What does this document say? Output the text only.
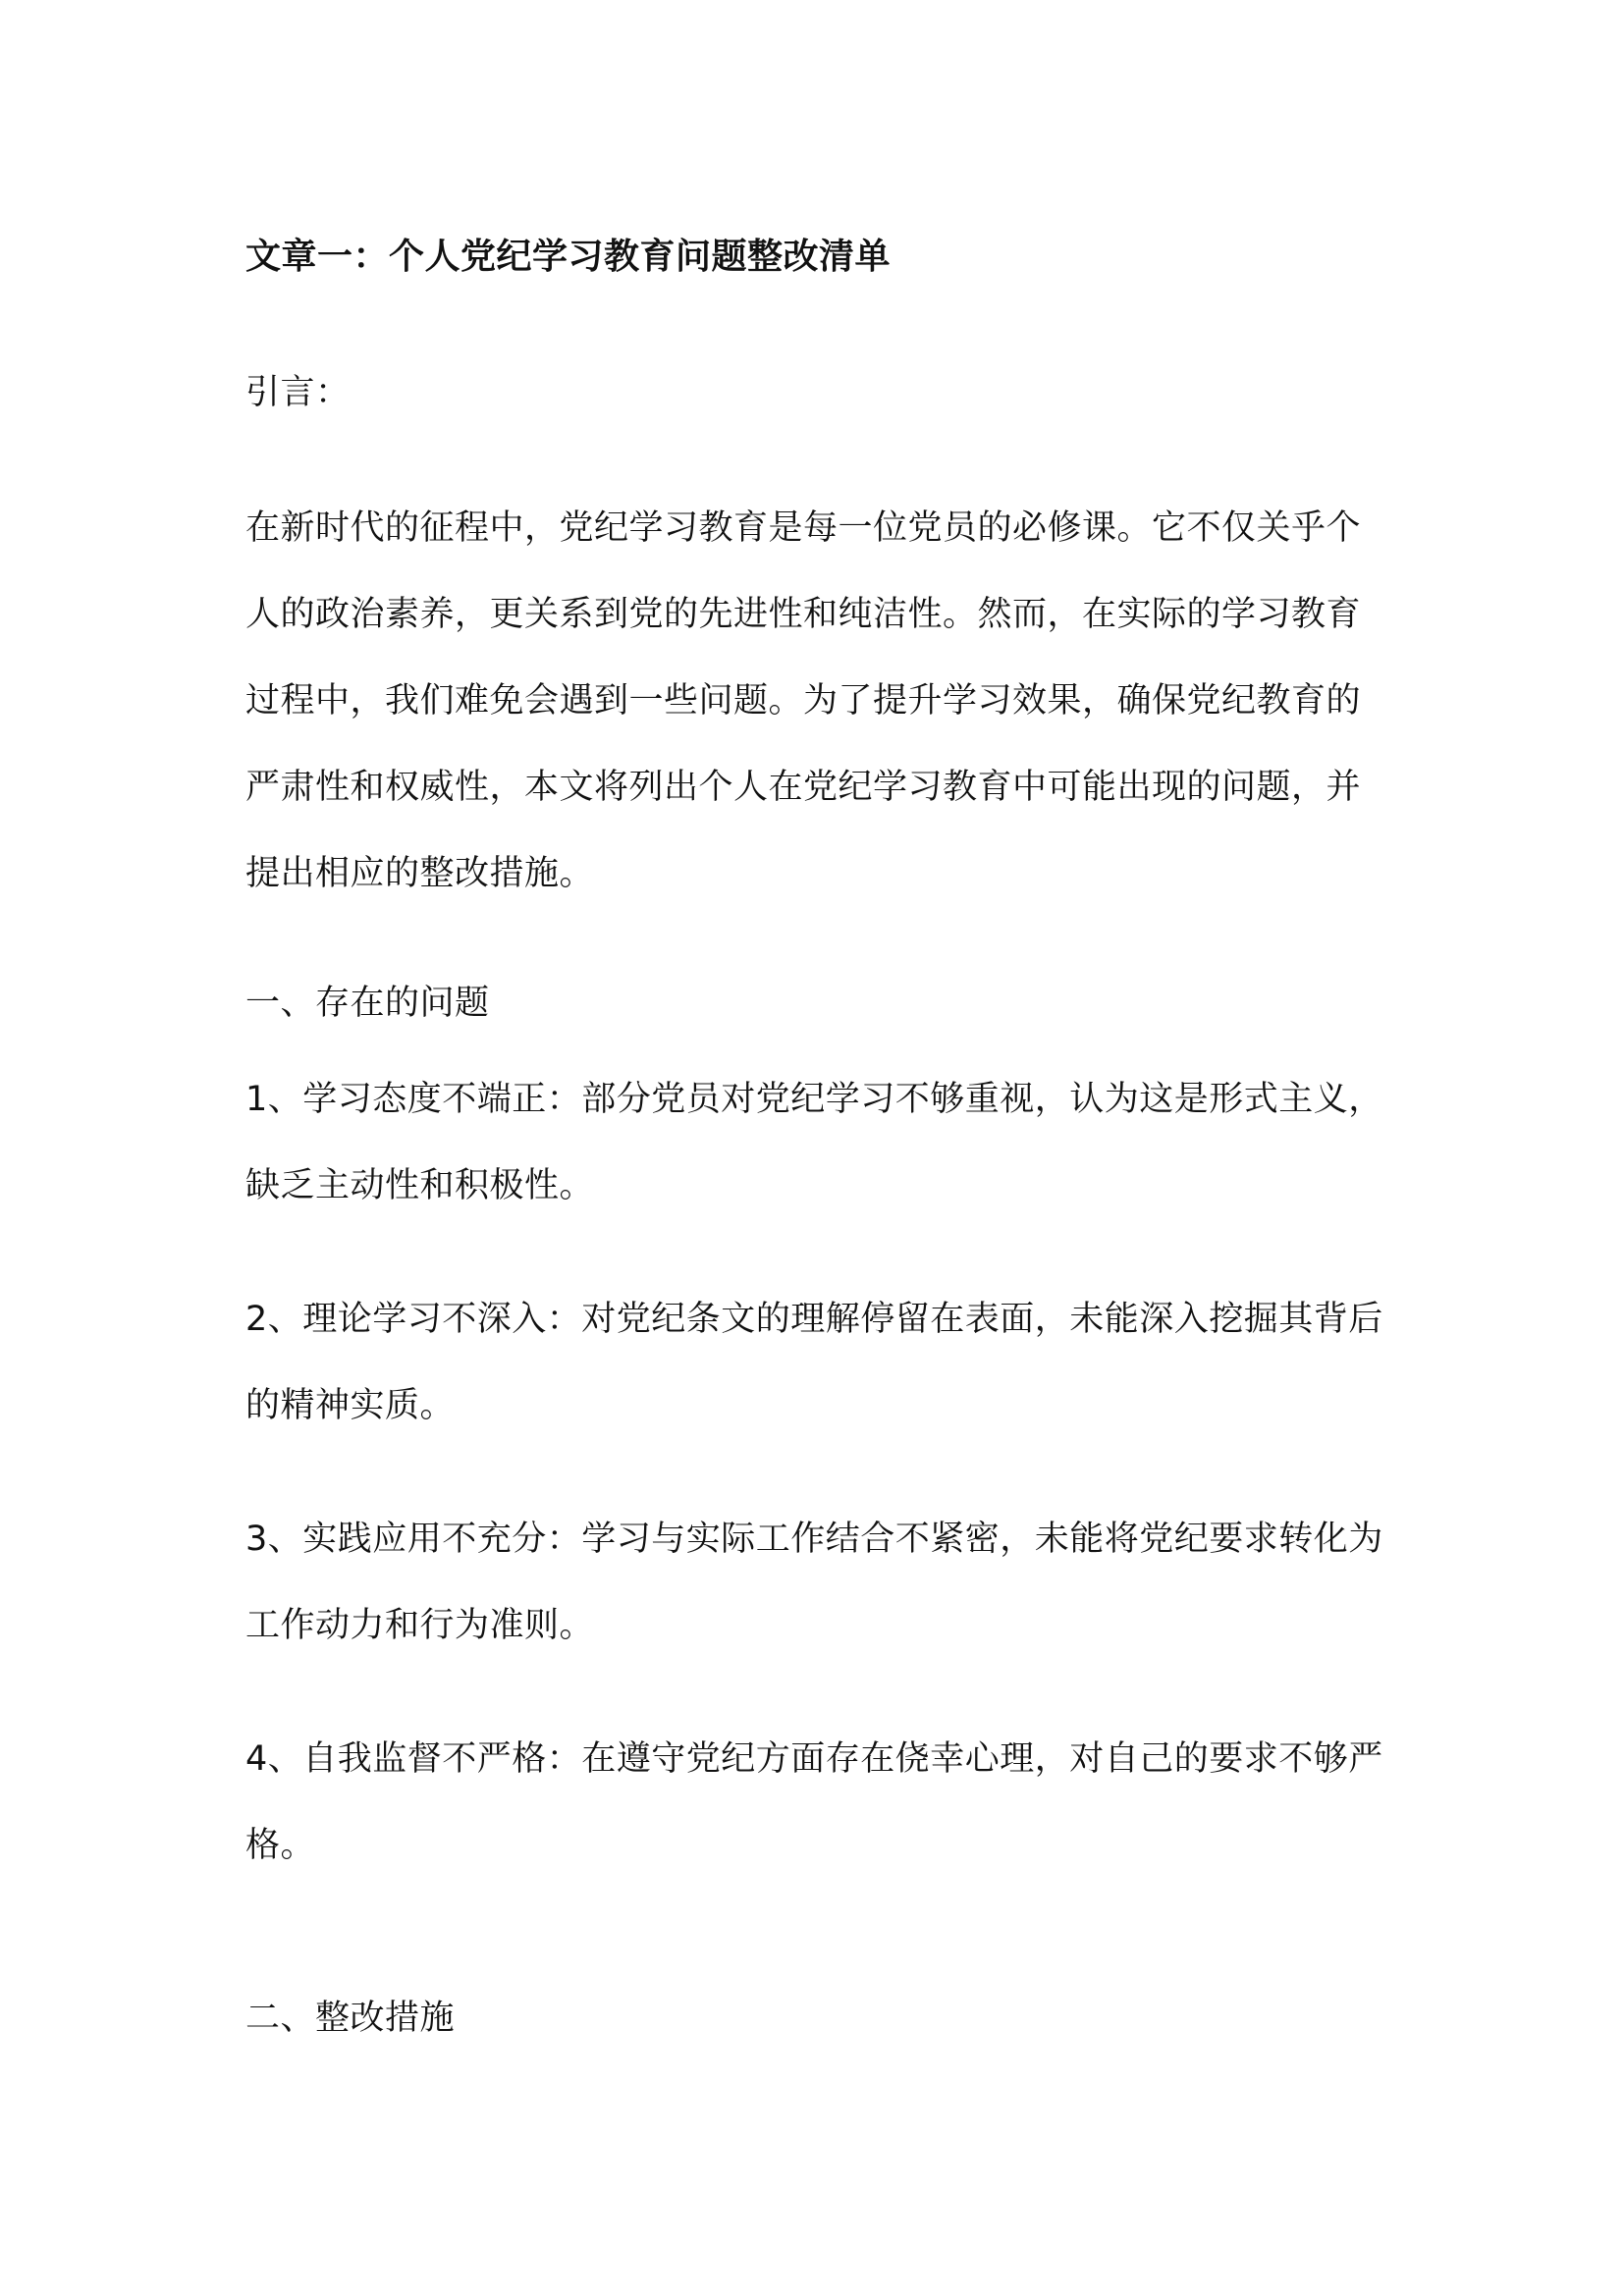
文章一：个人党纪学习教育问题整改清单

引言：

在新时代的征程中，党纪学习教育是每一位党员的必修课。它不仅关乎个人的政治素养，更关系到党的先进性和纯洁性。然而，在实际的学习教育过程中，我们难免会遇到一些问题。为了提升学习效果，确保党纪教育的严肃性和权威性，本文将列出个人在党纪学习教育中可能出现的问题，并提出相应的整改措施。

一、存在的问题

1、学习态度不端正：部分党员对党纪学习不够重视，认为这是形式主义，缺乏主动性和积极性。

2、理论学习不深入：对党纪条文的理解停留在表面，未能深入挖掘其背后的精神实质。

3、实践应用不充分：学习与实际工作结合不紧密，未能将党纪要求转化为工作动力和行为准则。

4、自我监督不严格：在遵守党纪方面存在侥幸心理，对自己的要求不够严格。

二、整改措施
